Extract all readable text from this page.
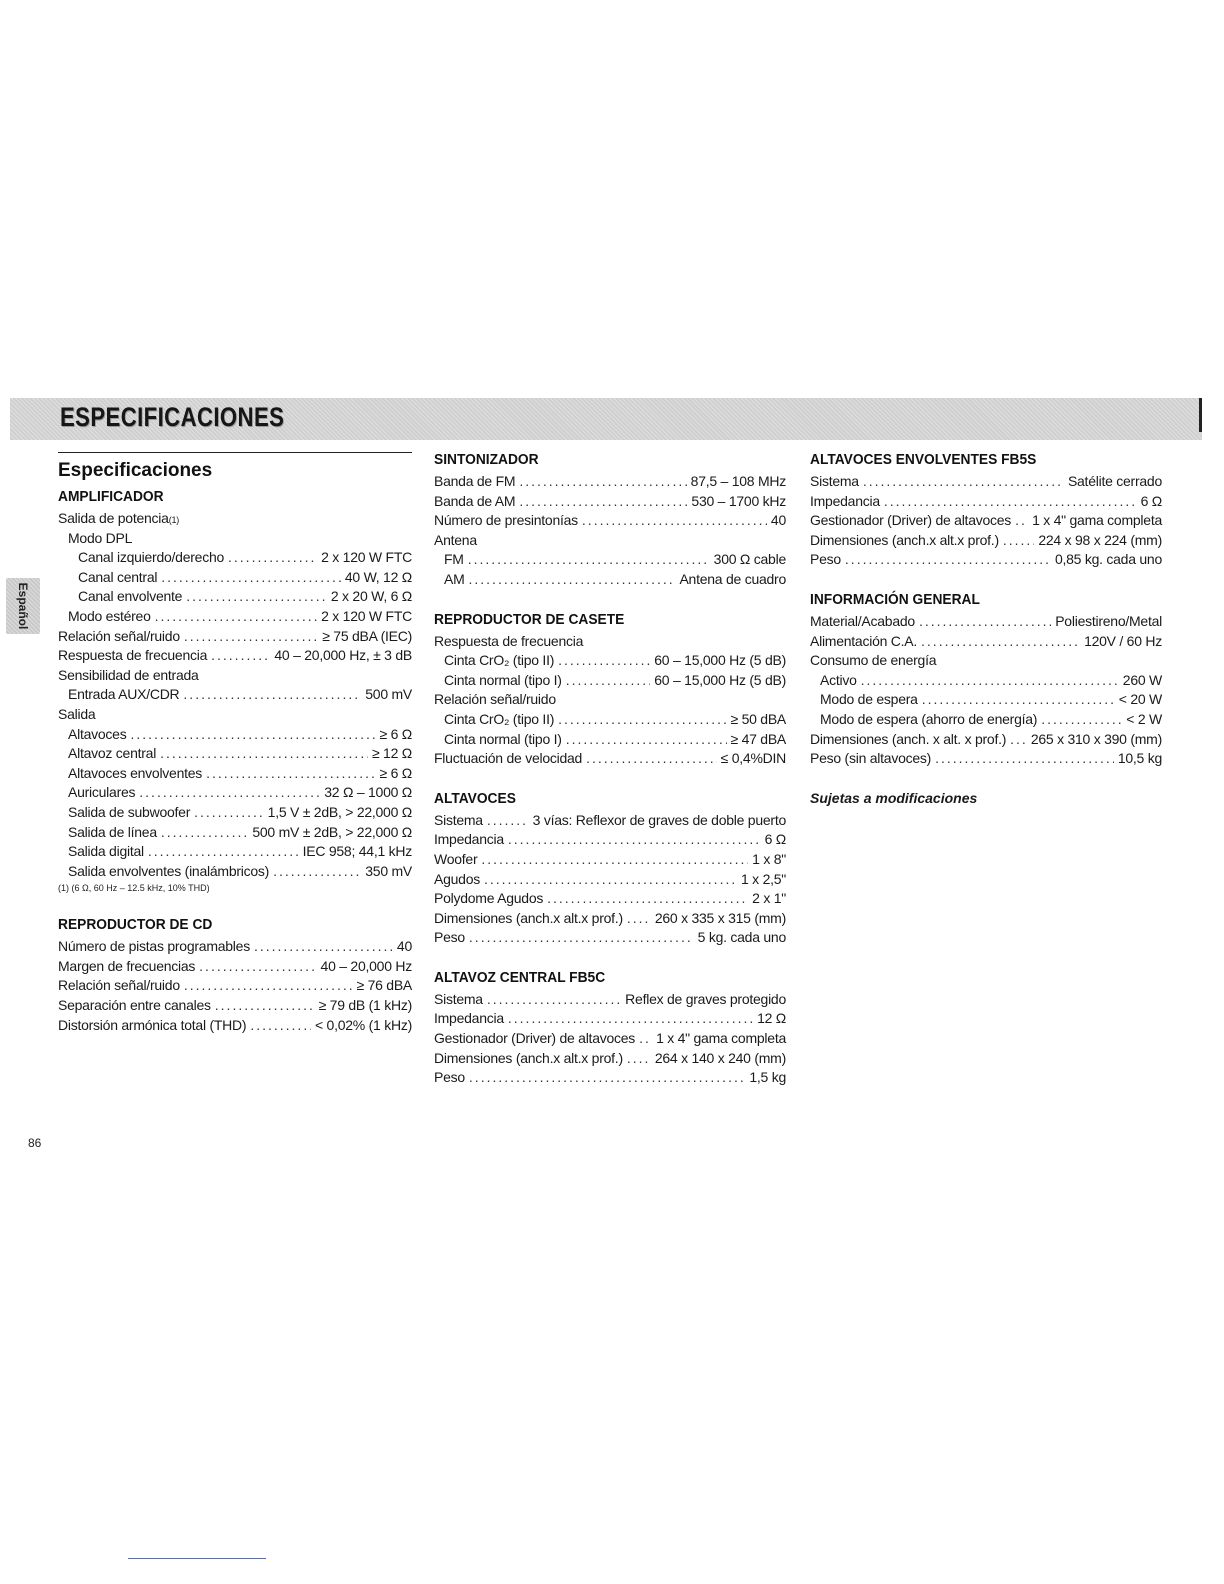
ESPECIFICACIONES
Español
Especificaciones
AMPLIFICADOR
Salida de potencia (1)
Modo DPL
Canal izquierdo/derecho .....	2 x 120 W FTC
Canal central .....	40 W, 12 Ω
Canal envolvente .....	2 x 20 W, 6 Ω
Modo estéreo .....	2 x 120 W FTC
Relación señal/ruido .....	≥ 75 dBA (IEC)
Respuesta de frecuencia .....	40 – 20,000 Hz, ± 3 dB
Sensibilidad de entrada
Entrada AUX/CDR .....	500 mV
Salida
Altavoces .....	≥ 6 Ω
Altavoz central .....	≥ 12 Ω
Altavoces envolventes .....	≥ 6 Ω
Auriculares .....	32 Ω – 1000 Ω
Salida de subwoofer .....	1,5 V ± 2dB, > 22,000 Ω
Salida de línea .....	500 mV ± 2dB, > 22,000 Ω
Salida digital .....	IEC 958; 44,1 kHz
Salida envolventes (inalámbricos) .....	350 mV
(1) (6 Ω, 60 Hz – 12.5 kHz, 10% THD)
REPRODUCTOR DE CD
Número de pistas programables .....	40
Margen de frecuencias .....	40 – 20,000 Hz
Relación señal/ruido .....	≥ 76 dBA
Separación entre canales .....	≥ 79 dB (1 kHz)
Distorsión armónica total (THD) .....	< 0,02% (1 kHz)
SINTONIZADOR
Banda de FM .....	87,5 – 108 MHz
Banda de AM .....	530 – 1700 kHz
Número de presintonías .....	40
Antena
FM .....	300 Ω cable
AM .....	Antena de cuadro
REPRODUCTOR DE CASETE
Respuesta de frecuencia
Cinta CrO₂ (tipo II) .....	60 – 15,000 Hz (5 dB)
Cinta normal (tipo I) .....	60 – 15,000 Hz (5 dB)
Relación señal/ruido
Cinta CrO₂ (tipo II) .....	≥ 50 dBA
Cinta normal (tipo I) .....	≥ 47 dBA
Fluctuación de velocidad .....	≤ 0,4%DIN
ALTAVOCES
Sistema .....	3 vías: Reflexor de graves de doble puerto
Impedancia .....	6 Ω
Woofer .....	1 x 8"
Agudos .....	1 x 2,5"
Polydome Agudos .....	2 x 1"
Dimensiones (anch.x alt.x prof.) ..... 260 x 335 x 315 (mm)
Peso .....	5 kg. cada uno
ALTAVOZ CENTRAL FB5C
Sistema .....	Reflex de graves protegido
Impedancia .....	12 Ω
Gestionador (Driver) de altavoces ..... 1 x 4" gama completa
Dimensiones (anch.x alt.x prof.) ..... 264 x 140 x 240 (mm)
Peso .....	1,5 kg
ALTAVOCES ENVOLVENTES FB5S
Sistema .....	Satélite cerrado
Impedancia .....	6 Ω
Gestionador (Driver) de altavoces ..... 1 x 4" gama completa
Dimensiones (anch.x alt.x prof.) .....	224 x 98 x 224 (mm)
Peso .....	0,85 kg. cada uno
INFORMACIÓN GENERAL
Material/Acabado .....	Poliestireno/Metal
Alimentación C.A. .....	120V / 60 Hz
Consumo de energía
Activo .....	260 W
Modo de espera .....	< 20 W
Modo de espera (ahorro de energía) .....	< 2 W
Dimensiones (anch. x alt. x prof.) ..... 265 x 310 x 390 (mm)
Peso (sin altavoces) .....	10,5 kg
Sujetas a modificaciones
86
